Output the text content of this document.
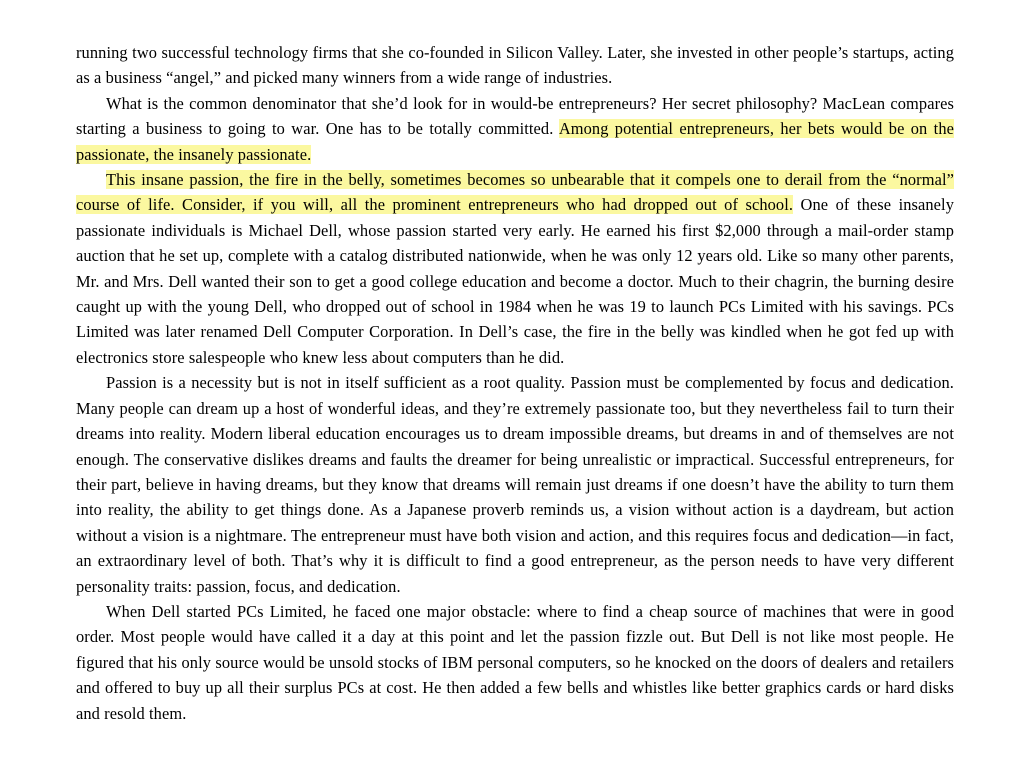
running two successful technology firms that she co-founded in Silicon Valley. Later, she invested in other people’s startups, acting as a business “angel,” and picked many winners from a wide range of industries.

What is the common denominator that she’d look for in would-be entrepreneurs? Her secret philosophy? MacLean compares starting a business to going to war. One has to be totally committed. Among potential entrepreneurs, her bets would be on the passionate, the insanely passionate.

This insane passion, the fire in the belly, sometimes becomes so unbearable that it compels one to derail from the “normal” course of life. Consider, if you will, all the prominent entrepreneurs who had dropped out of school. One of these insanely passionate individuals is Michael Dell, whose passion started very early. He earned his first $2,000 through a mail-order stamp auction that he set up, complete with a catalog distributed nationwide, when he was only 12 years old. Like so many other parents, Mr. and Mrs. Dell wanted their son to get a good college education and become a doctor. Much to their chagrin, the burning desire caught up with the young Dell, who dropped out of school in 1984 when he was 19 to launch PCs Limited with his savings. PCs Limited was later renamed Dell Computer Corporation. In Dell’s case, the fire in the belly was kindled when he got fed up with electronics store salespeople who knew less about computers than he did.

Passion is a necessity but is not in itself sufficient as a root quality. Passion must be complemented by focus and dedication. Many people can dream up a host of wonderful ideas, and they’re extremely passionate too, but they nevertheless fail to turn their dreams into reality. Modern liberal education encourages us to dream impossible dreams, but dreams in and of themselves are not enough. The conservative dislikes dreams and faults the dreamer for being unrealistic or impractical. Successful entrepreneurs, for their part, believe in having dreams, but they know that dreams will remain just dreams if one doesn’t have the ability to turn them into reality, the ability to get things done. As a Japanese proverb reminds us, a vision without action is a daydream, but action without a vision is a nightmare. The entrepreneur must have both vision and action, and this requires focus and dedication—in fact, an extraordinary level of both. That’s why it is difficult to find a good entrepreneur, as the person needs to have very different personality traits: passion, focus, and dedication.

When Dell started PCs Limited, he faced one major obstacle: where to find a cheap source of machines that were in good order. Most people would have called it a day at this point and let the passion fizzle out. But Dell is not like most people. He figured that his only source would be unsold stocks of IBM personal computers, so he knocked on the doors of dealers and retailers and offered to buy up all their surplus PCs at cost. He then added a few bells and whistles like better graphics cards or hard disks and resold them.
